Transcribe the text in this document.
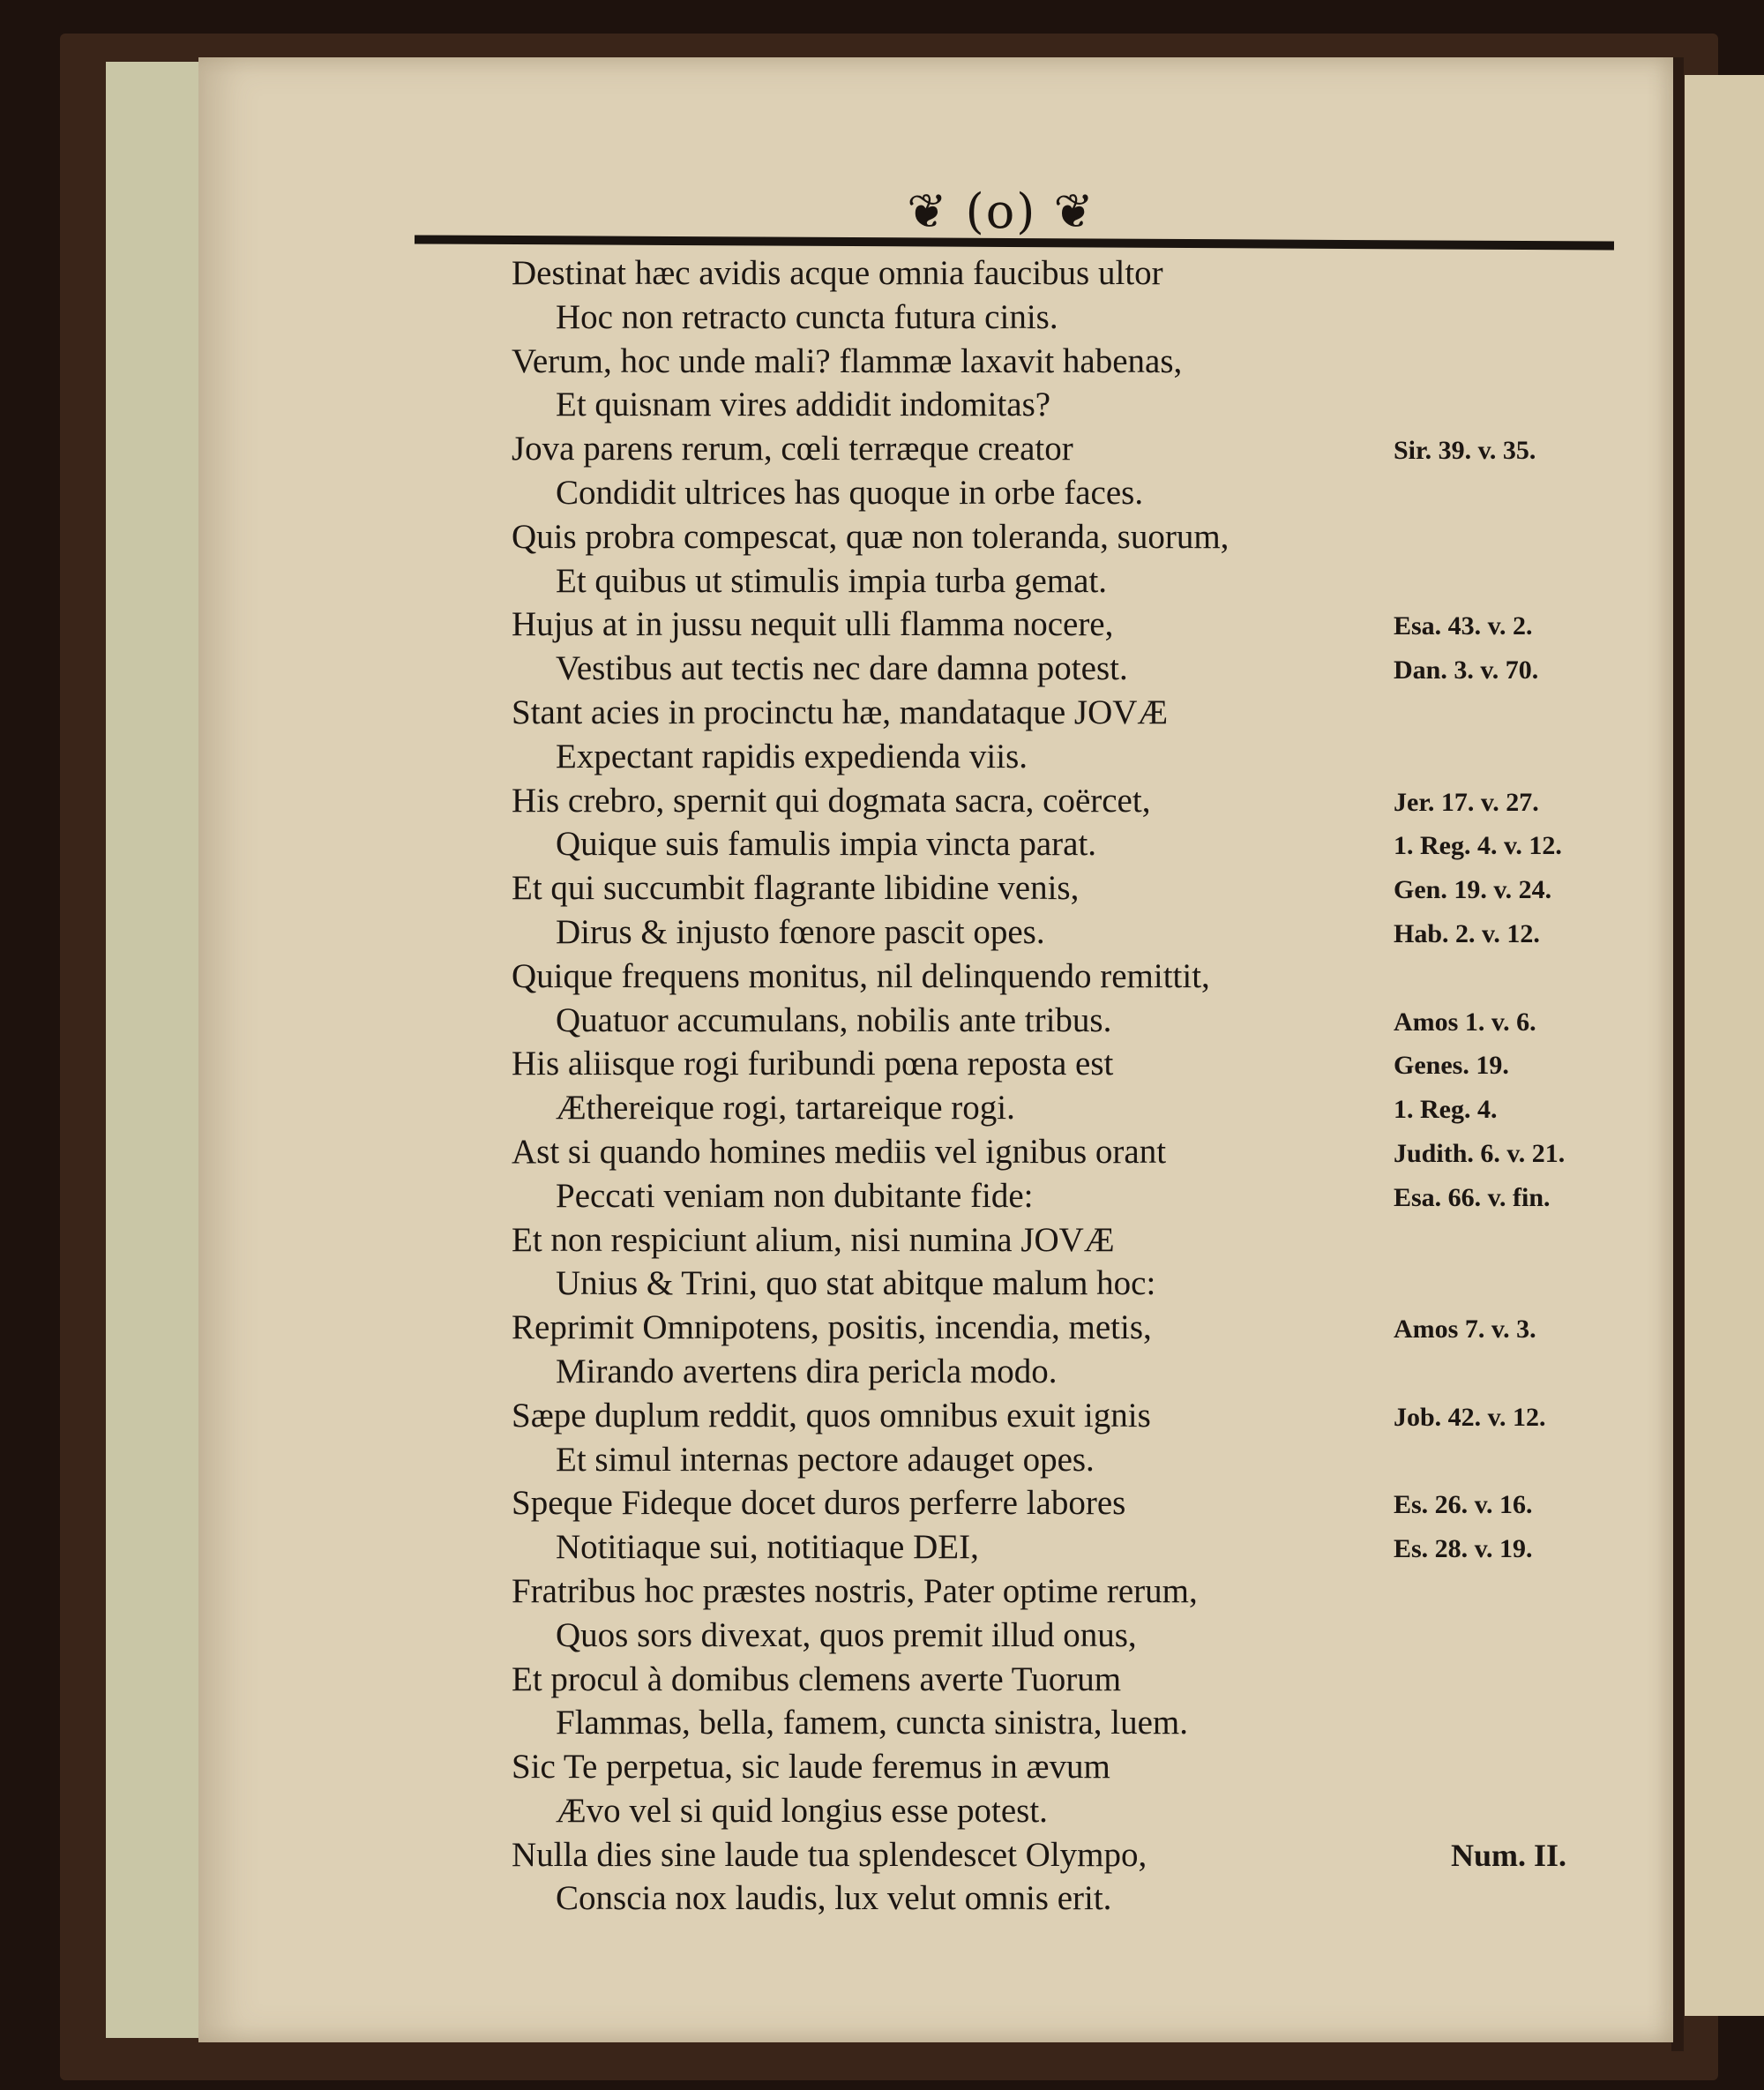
❦ (o) ❦
Destinat hæc avidis acque omnia faucibus ultor
Hoc non retracto cuncta futura cinis.
Verum, hoc unde mali? flammæ laxavit habenas,
Et quisnam vires addidit indomitas?
Jova parens rerum, cœli terræque creator
Condidit ultrices has quoque in orbe faces.
Quis probra compescat, quæ non toleranda, suorum,
Et quibus ut stimulis impia turba gemat.
Hujus at in jussu nequit ulli flamma nocere,
Vestibus aut tectis nec dare damna potest.
Stant acies in procinctu hæ, mandataque JOVÆ
Expectant rapidis expedienda viis.
His crebro, spernit qui dogmata sacra, coërcet,
Quique suis famulis impia vincta parat.
Et qui succumbit flagrante libidine venis,
Dirus & injusto fœnore pascit opes.
Quique frequens monitus, nil delinquendo remittit,
Quatuor accumulans, nobilis ante tribus.
His aliisque rogi furibundi pœna reposta est
Æthereique rogi, tartareique rogi.
Ast si quando homines mediis vel ignibus orant
Peccati veniam non dubitante fide:
Et non respiciunt alium, nisi numina JOVÆ
Unius & Trini, quo stat abitque malum hoc:
Reprimit Omnipotens, positis, incendia, metis,
Mirando avertens dira pericla modo.
Sæpe duplum reddit, quos omnibus exuit ignis
Et simul internas pectore adauget opes.
Speque Fideque docet duros perferre labores
Notitiaque sui, notitiaque DEI,
Fratribus hoc præstes nostris, Pater optime rerum,
Quos sors divexat, quos premit illud onus,
Et procul à domibus clemens averte Tuorum
Flammas, bella, famem, cuncta sinistra, luem.
Sic Te perpetua, sic laude feremus in ævum
Ævo vel si quid longius esse potest.
Nulla dies sine laude tua splendescet Olympo,
Conscia nox laudis, lux velut omnis erit.
Sir. 39. v. 35.
Esa. 43. v. 2.
Dan. 3. v. 70.
Jer. 17. v. 27.
1. Reg. 4. v. 12.
Gen. 19. v. 24.
Hab. 2. v. 12.
Amos 1. v. 6.
Genes. 19.
1. Reg. 4.
Judith. 6. v. 21.
Esa. 66. v. fin.
Amos 7. v. 3.
Job. 42. v. 12.
Es. 26. v. 16.
Es. 28. v. 19.
Num. II.
